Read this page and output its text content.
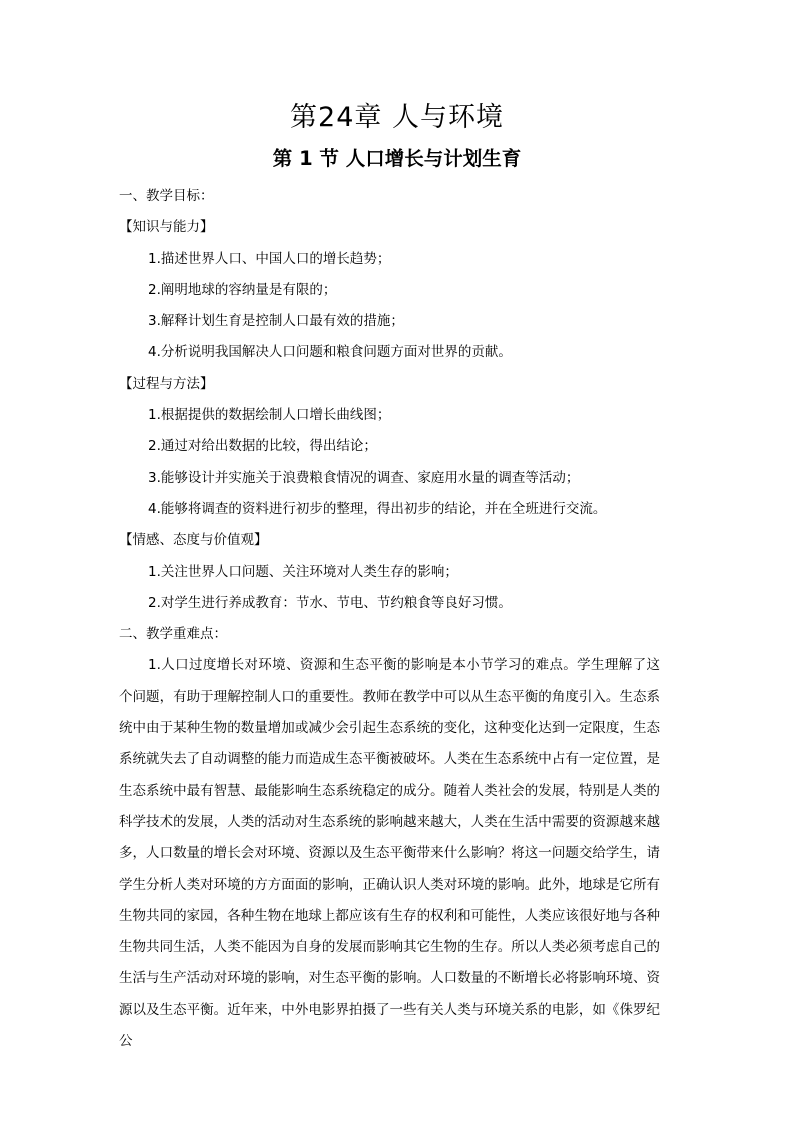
第24章 人与环境
第 1 节 人口增长与计划生育
一、教学目标：
【知识与能力】
1.描述世界人口、中国人口的增长趋势；
2.阐明地球的容纳量是有限的；
3.解释计划生育是控制人口最有效的措施；
4.分析说明我国解决人口问题和粮食问题方面对世界的贡献。
【过程与方法】
1.根据提供的数据绘制人口增长曲线图；
2.通过对给出数据的比较，得出结论；
3.能够设计并实施关于浪费粮食情况的调查、家庭用水量的调查等活动；
4.能够将调查的资料进行初步的整理，得出初步的结论，并在全班进行交流。
【情感、态度与价值观】
1.关注世界人口问题、关注环境对人类生存的影响；
2.对学生进行养成教育：节水、节电、节约粮食等良好习惯。
二、教学重难点：

1.人口过度增长对环境、资源和生态平衡的影响是本小节学习的难点。学生理解了这个问题，有助于理解控制人口的重要性。教师在教学中可以从生态平衡的角度引入。生态系统中由于某种生物的数量增加或减少会引起生态系统的变化，这种变化达到一定限度，生态系统就失去了自动调整的能力而造成生态平衡被破坏。人类在生态系统中占有一定位置，是生态系统中最有智慧、最能影响生态系统稳定的成分。随着人类社会的发展，特别是人类的科学技术的发展，人类的活动对生态系统的影响越来越大，人类在生活中需要的资源越来越多，人口数量的增长会对环境、资源以及生态平衡带来什么影响？将这一问题交给学生，请学生分析人类对环境的方方面面的影响，正确认识人类对环境的影响。此外，地球是它所有生物共同的家园，各种生物在地球上都应该有生存的权利和可能性，人类应该很好地与各种生物共同生活，人类不能因为自身的发展而影响其它生物的生存。所以人类必须考虑自己的生活与生产活动对环境的影响，对生态平衡的影响。人口数量的不断增长必将影响环境、资源以及生态平衡。近年来，中外电影界拍摄了一些有关人类与环境关系的电影，如《侏罗纪公
